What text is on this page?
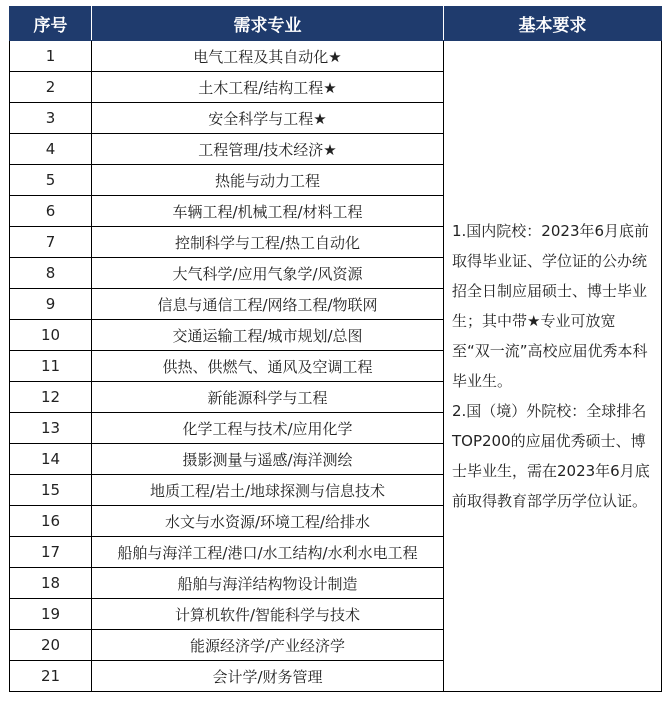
序号	需求专业	基本要求
1	电气工程及其自动化★	1.国内院校：2023年6月底前取得毕业证、学位证的公办统招全日制应届硕士、博士毕业生；其中带★专业可放宽至“双一流”高校应届优秀本科毕业生。
2.国（境）外院校：全球排名TOP200的应届优秀硕士、博士毕业生，需在2023年6月底前取得教育部学历学位认证。

2	土木工程/结构工程★	
3	安全科学与工程★	
4	工程管理/技术经济★	
5	热能与动力工程	
6	车辆工程/机械工程/材料工程	
7	控制科学与工程/热工自动化	
8	大气科学/应用气象学/风资源	
9	信息与通信工程/网络工程/物联网	
10	交通运输工程/城市规划/总图	
11	供热、供燃气、通风及空调工程	
12	新能源科学与工程	
13	化学工程与技术/应用化学	
14	摄影测量与遥感/海洋测绘	
15	地质工程/岩土/地球探测与信息技术	
16	水文与水资源/环境工程/给排水	
17	船舶与海洋工程/港口/水工结构/水利水电工程	
18	船舶与海洋结构物设计制造	
19	计算机软件/智能科学与技术	
20	能源经济学/产业经济学	
21	会计学/财务管理	
